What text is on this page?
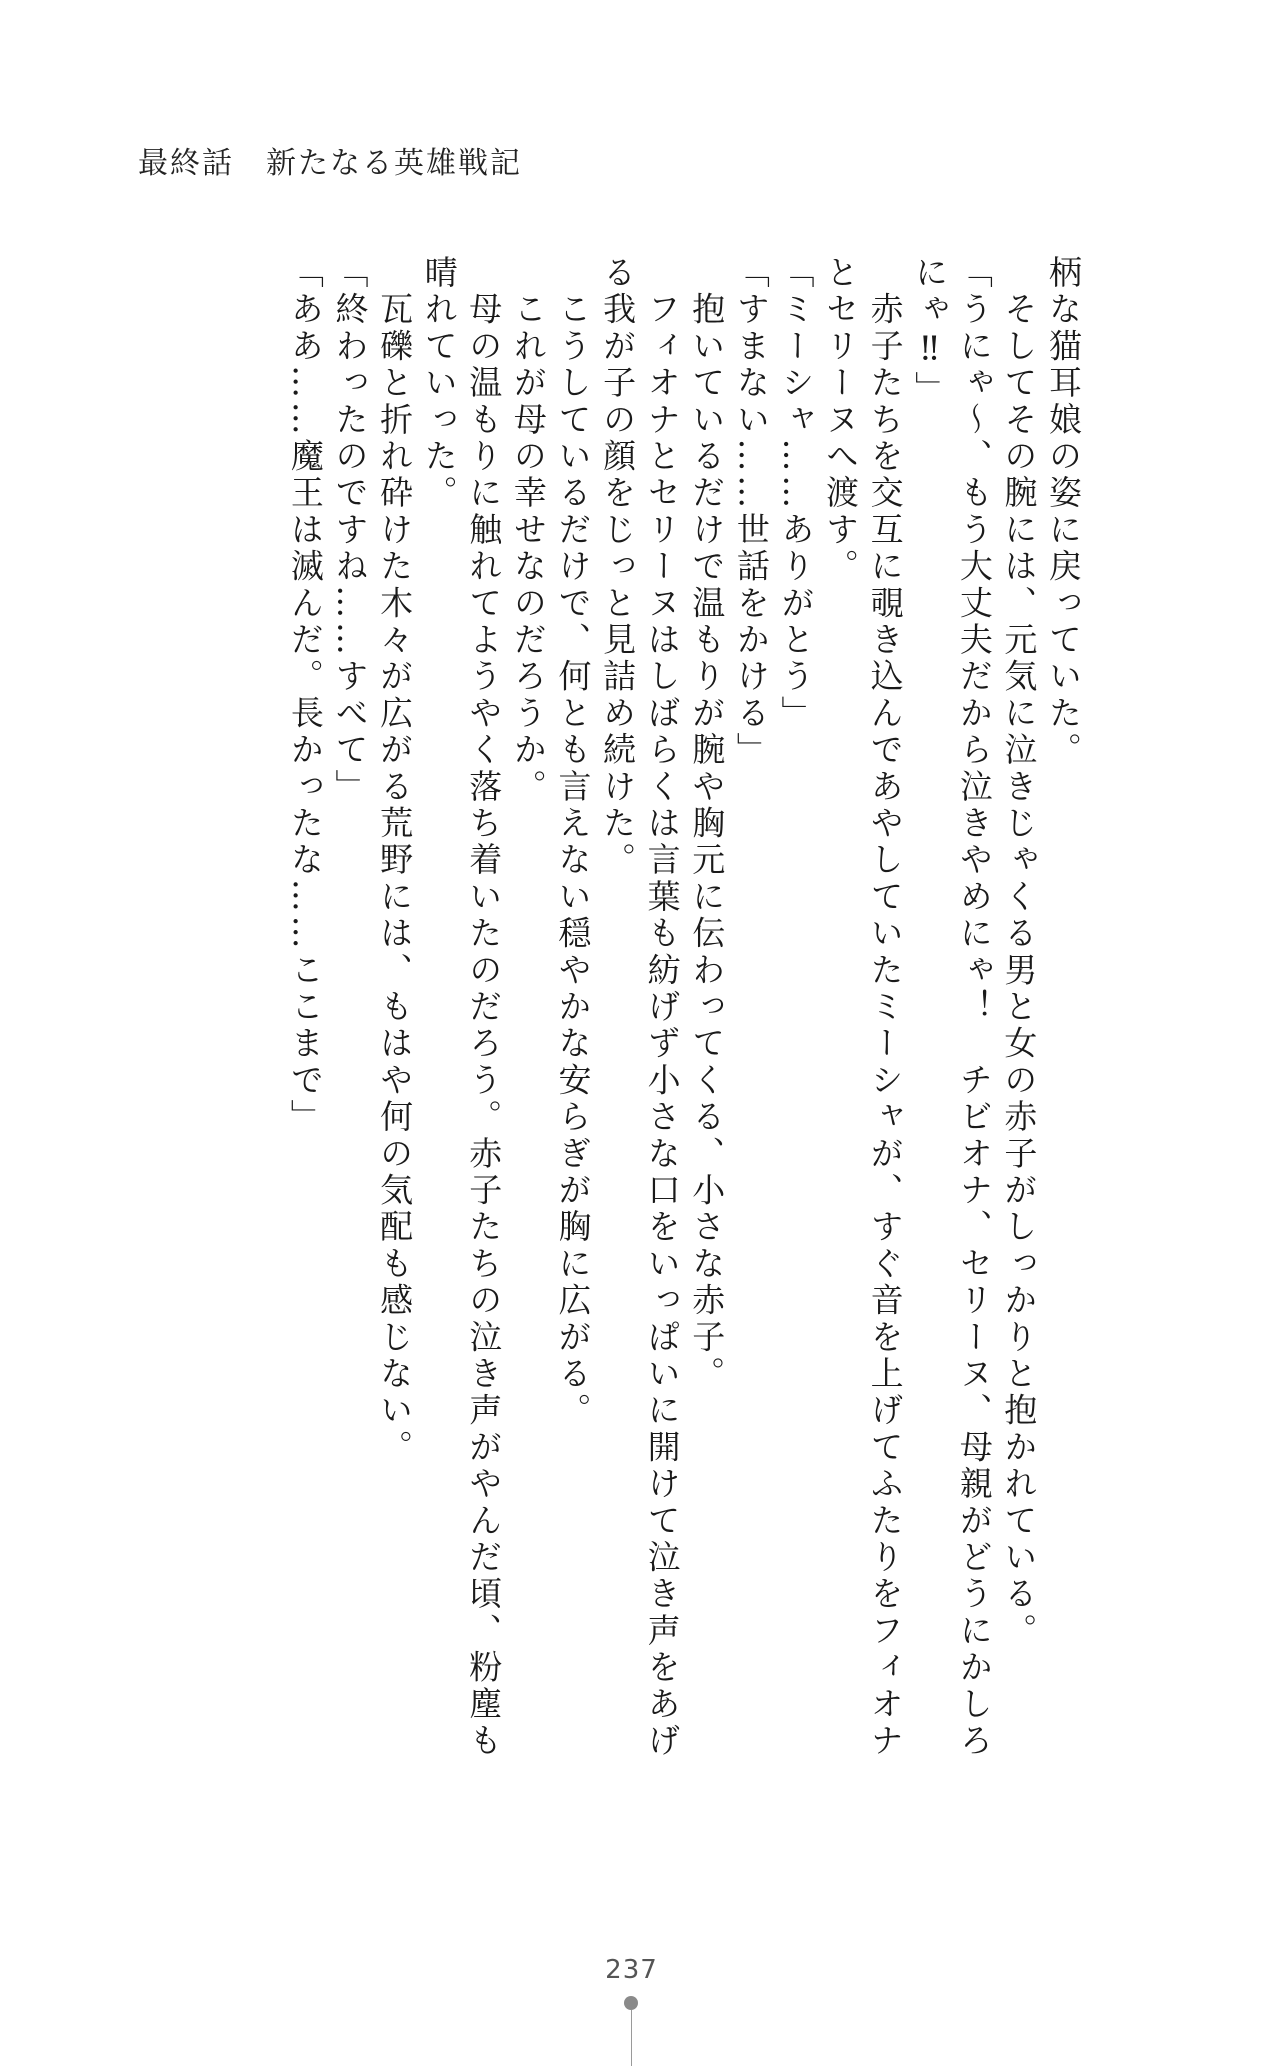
最終話　新たなる英雄戦記

柄な猫耳娘の姿に戻っていた。

　そしてその腕には、元気に泣きじゃくる男と女の赤子がしっかりと抱かれている。

「うにゃ～、もう大丈夫だから泣きやめにゃ！　チビオナ、セリーヌ、母親がどうにかしろにゃ‼」

　赤子たちを交互に覗き込んであやしていたミーシャが、すぐ音を上げてふたりをフィオナとセリーヌへ渡す。

「ミーシャ……ありがとう」

「すまない……世話をかける」

　抱いているだけで温もりが腕や胸元に伝わってくる、小さな赤子。

　フィオナとセリーヌはしばらくは言葉も紡げず小さな口をいっぱいに開けて泣き声をあげる我が子の顔をじっと見詰め続けた。

　こうしているだけで、何とも言えない穏やかな安らぎが胸に広がる。

　これが母の幸せなのだろうか。

　母の温もりに触れてようやく落ち着いたのだろう。赤子たちの泣き声がやんだ頃、粉塵も晴れていった。

　瓦礫と折れ砕けた木々が広がる荒野には、もはや何の気配も感じない。

「終わったのですね……すべて」

「ああ……魔王は滅んだ。長かったな……ここまで」

237
